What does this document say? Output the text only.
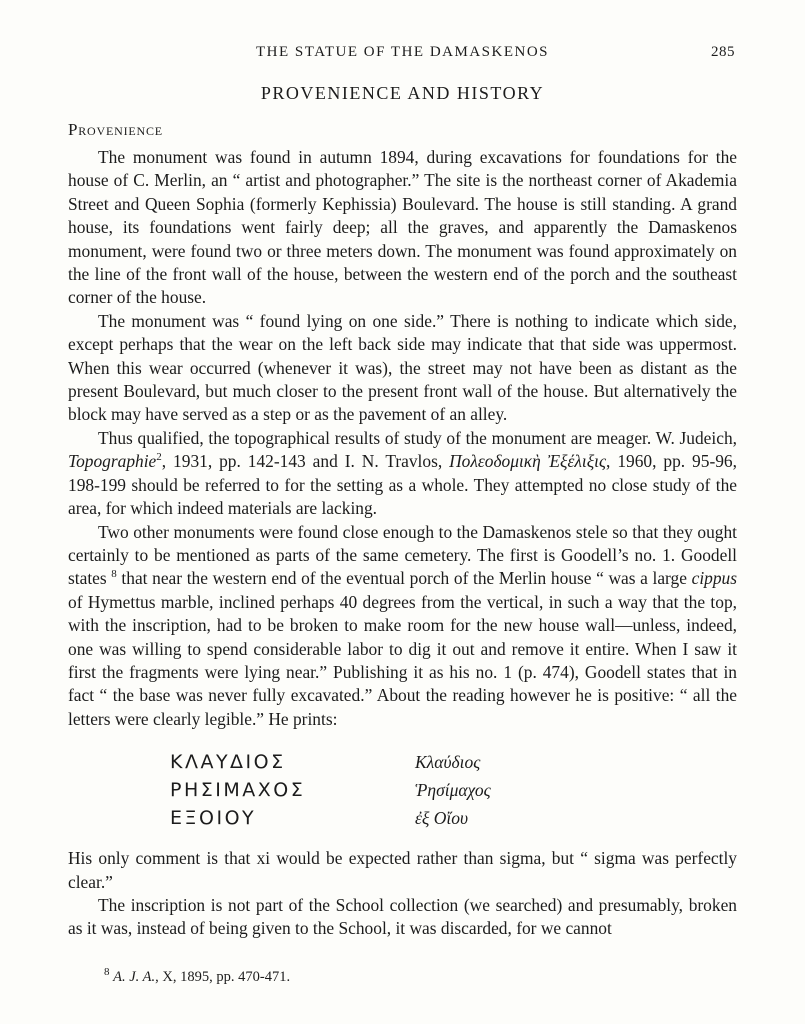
THE STATUE OF THE DAMASKENOS	285
PROVENIENCE AND HISTORY
Provenience

The monument was found in autumn 1894, during excavations for foundations for the house of C. Merlin, an “ artist and photographer.” The site is the northeast corner of Akademia Street and Queen Sophia (formerly Kephissia) Boulevard. The house is still standing. A grand house, its foundations went fairly deep; all the graves, and apparently the Damaskenos monument, were found two or three meters down. The monument was found approximately on the line of the front wall of the house, between the western end of the porch and the southeast corner of the house.

The monument was “ found lying on one side.” There is nothing to indicate which side, except perhaps that the wear on the left back side may indicate that that side was uppermost. When this wear occurred (whenever it was), the street may not have been as distant as the present Boulevard, but much closer to the present front wall of the house. But alternatively the block may have served as a step or as the pavement of an alley.

Thus qualified, the topographical results of study of the monument are meager. W. Judeich, Topographie$^2$, 1931, pp. 142-143 and I. N. Travlos, Πολεοδομικὴ Ἐξέλιξις, 1960, pp. 95-96, 198-199 should be referred to for the setting as a whole. They attempted no close study of the area, for which indeed materials are lacking.

Two other monuments were found close enough to the Damaskenos stele so that they ought certainly to be mentioned as parts of the same cemetery. The first is Goodell’s no. 1. Goodell states $^8$ that near the western end of the eventual porch of the Merlin house “ was a large cippus of Hymettus marble, inclined perhaps 40 degrees from the vertical, in such a way that the top, with the inscription, had to be broken to make room for the new house wall—unless, indeed, one was willing to spend considerable labor to dig it out and remove it entire. When I saw it first the fragments were lying near.” Publishing it as his no. 1 (p. 474), Goodell states that in fact “ the base was never fully excavated.” About the reading however he is positive: “ all the letters were clearly legible.” He prints:

ΚΛΑΥΔΙΟΣ
ΡΗΣΙΜΑΧΟΣ
ΕΞΟΙΟΥ
Κλαύδιος
Ῥησίμαχος
ἐξ Οἴου

His only comment is that xi would be expected rather than sigma, but “ sigma was perfectly clear.”

The inscription is not part of the School collection (we searched) and presumably, broken as it was, instead of being given to the School, it was discarded, for we cannot

$^8$ A. J. A., X, 1895, pp. 470-471.
